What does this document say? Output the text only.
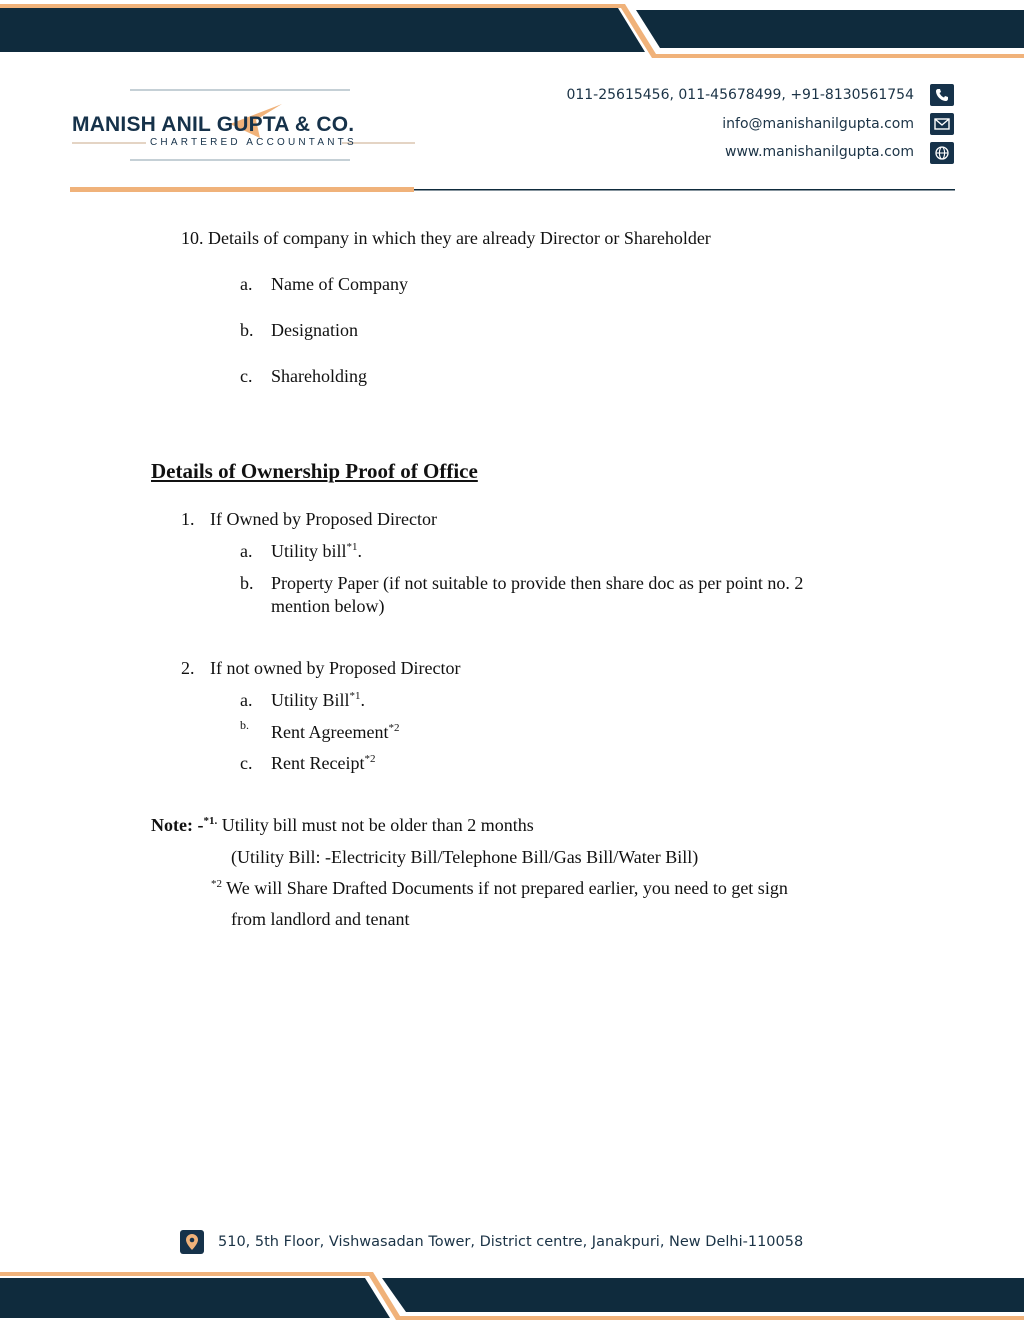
MANISH ANIL GUPTA & CO.
CHARTERED ACCOUNTANTS
011-25615456, 011-45678499, +91-8130561754
info@manishanilgupta.com
www.manishanilgupta.com
10. Details of company in which they are already Director or Shareholder
a. Name of Company
b. Designation
c. Shareholding
Details of Ownership Proof of Office
1. If Owned by Proposed Director
a. Utility bill$^{*1}$.
b. Property Paper (if not suitable to provide then share doc as per point no. 2
mention below)
2. If not owned by Proposed Director
a. Utility Bill$^{*1}$.
b. Rent Agreement$^{*2}$
c. Rent Receipt$^{*2}$
Note: -$^{*1.}$ Utility bill must not be older than 2 months
(Utility Bill: -Electricity Bill/Telephone Bill/Gas Bill/Water Bill)
$^{*2}$ We will Share Drafted Documents if not prepared earlier, you need to get sign
from landlord and tenant
510, 5th Floor, Vishwasadan Tower, District centre, Janakpuri, New Delhi-110058
